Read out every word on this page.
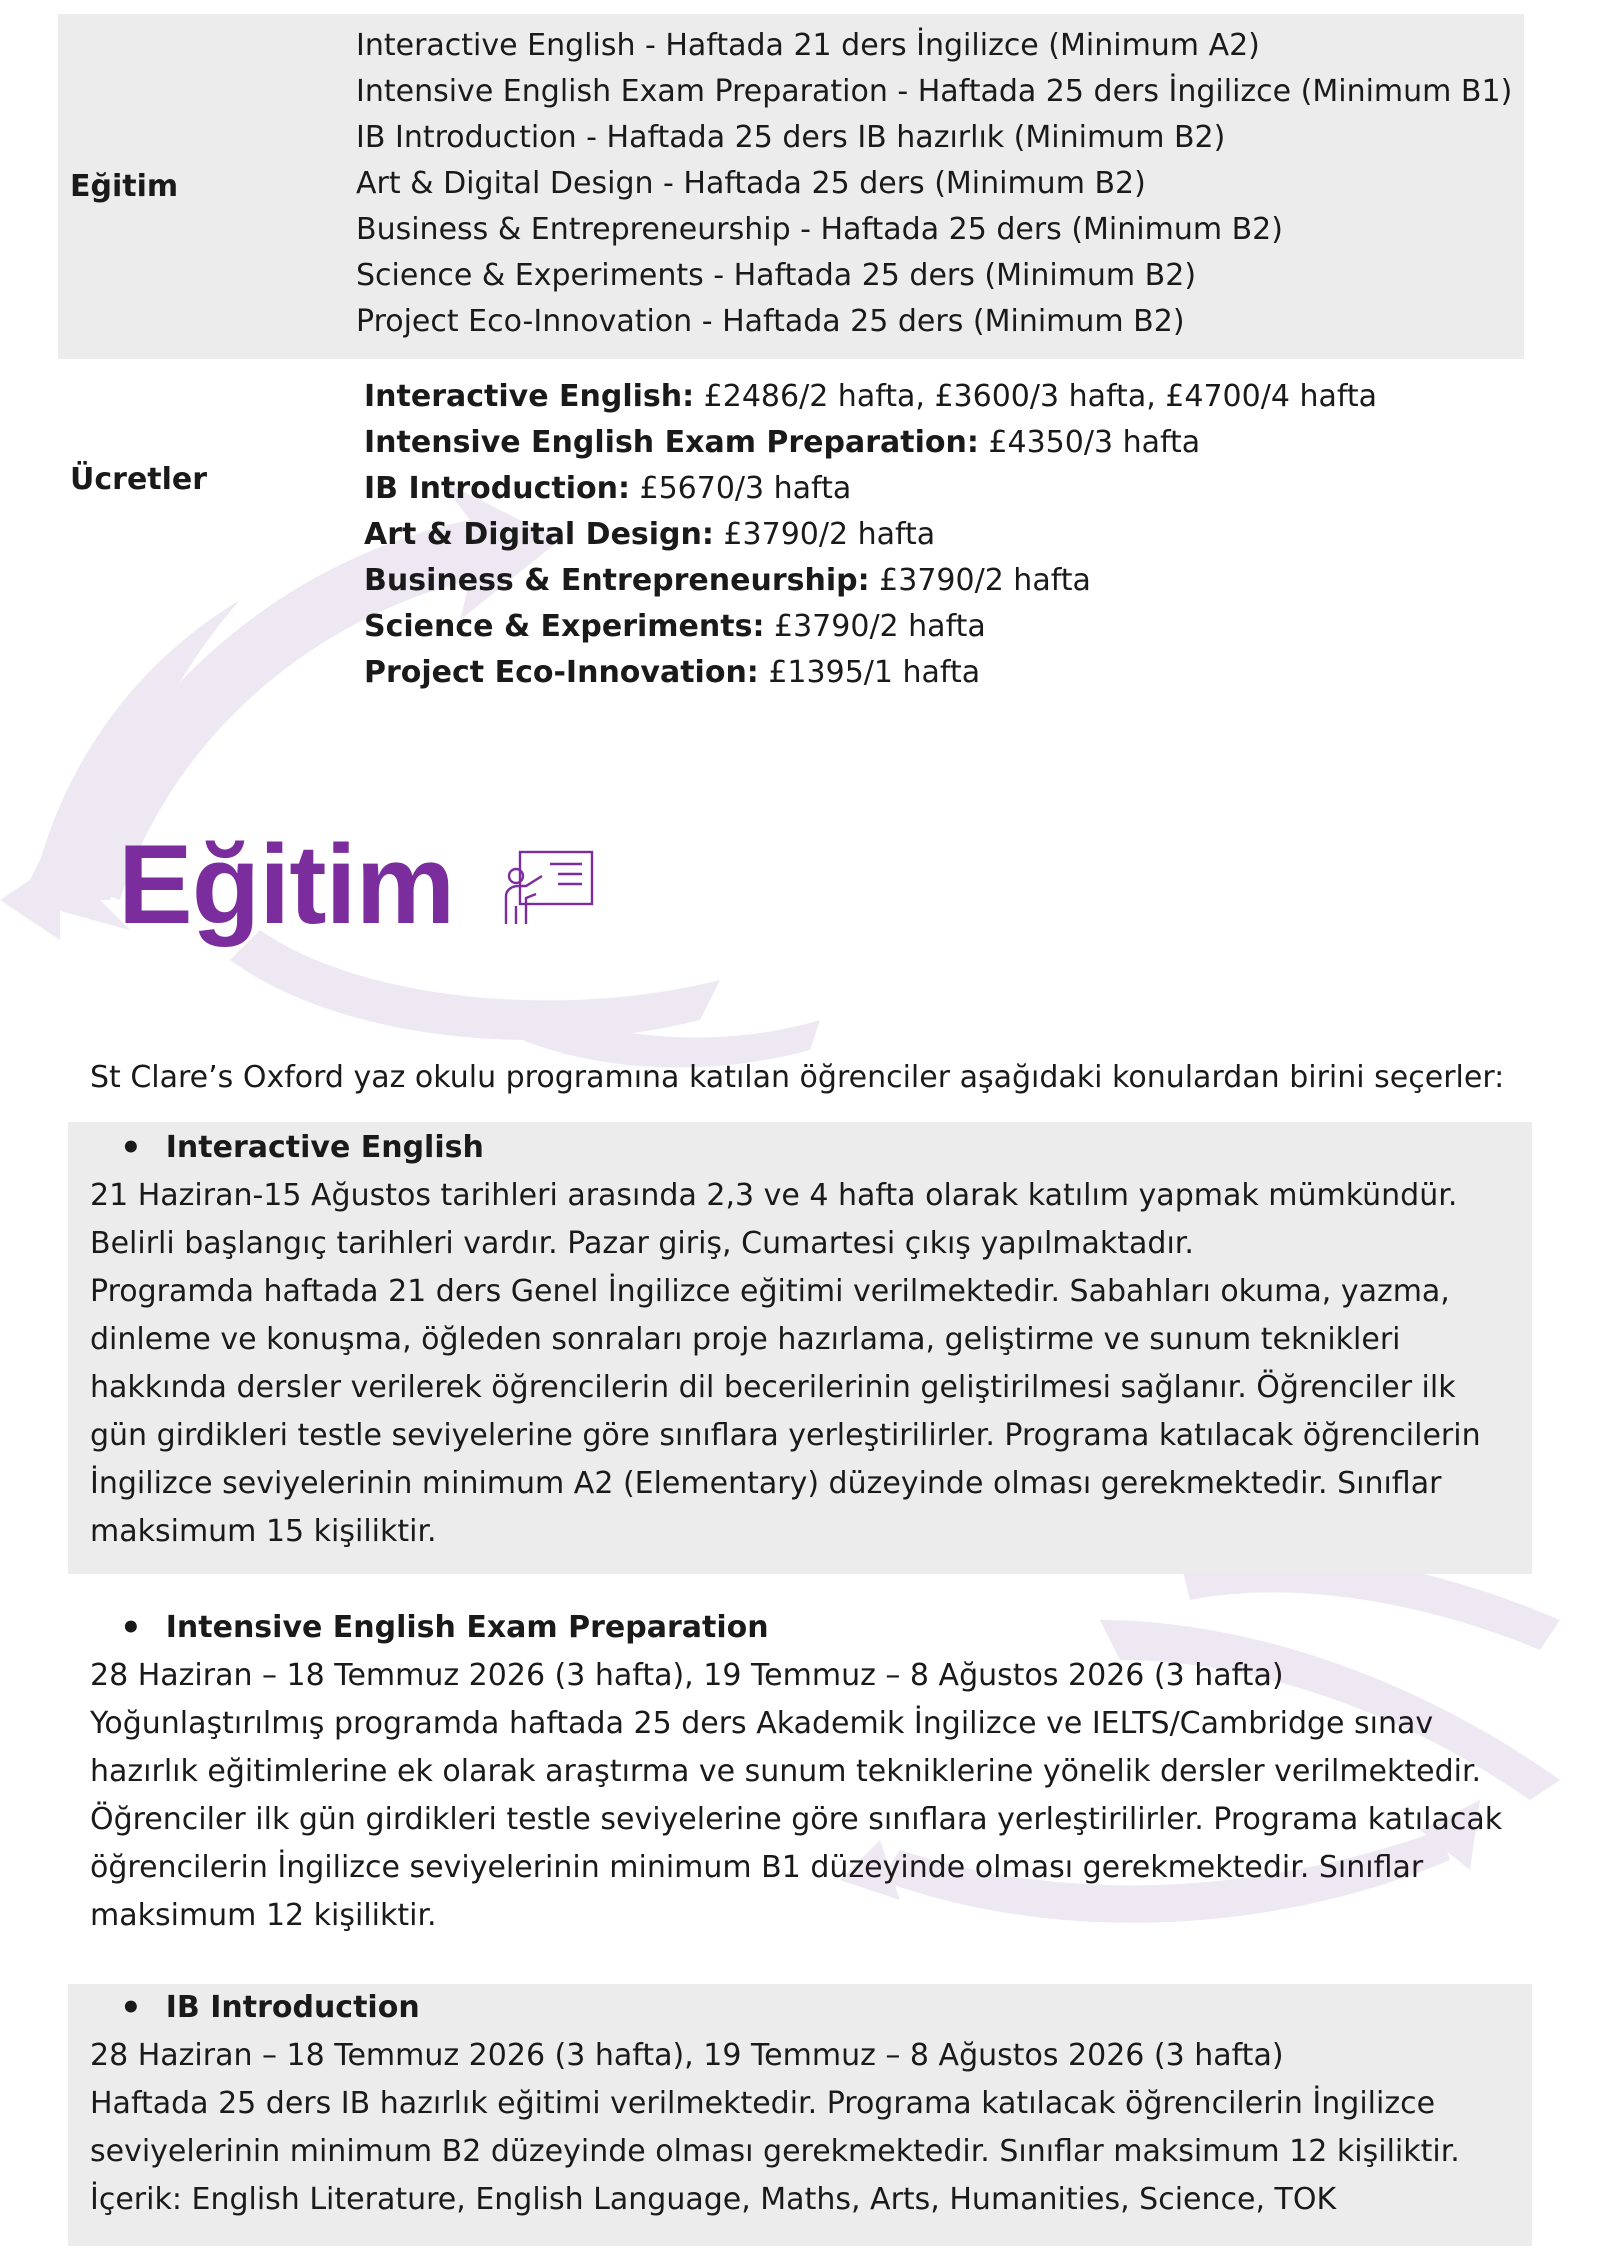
Eğitim
Interactive English - Haftada 21 ders İngilizce (Minimum A2)
Intensive English Exam Preparation - Haftada 25 ders İngilizce (Minimum B1)
IB Introduction - Haftada 25 ders IB hazırlık (Minimum B2)
Art & Digital Design - Haftada 25 ders (Minimum B2)
Business & Entrepreneurship - Haftada 25 ders (Minimum B2)
Science & Experiments - Haftada 25 ders (Minimum B2)
Project Eco-Innovation - Haftada 25 ders (Minimum B2)
Ücretler
Interactive English: £2486/2 hafta, £3600/3 hafta, £4700/4 hafta
Intensive English Exam Preparation: £4350/3 hafta
IB Introduction: £5670/3 hafta
Art & Digital Design: £3790/2 hafta
Business & Entrepreneurship: £3790/2 hafta
Science & Experiments: £3790/2 hafta
Project Eco-Innovation: £1395/1 hafta
Eğitim

St Clare’s Oxford yaz okulu programına katılan öğrenciler aşağıdaki konulardan birini seçerler:

• Interactive English

21 Haziran-15 Ağustos tarihleri arasında 2,3 ve 4 hafta olarak katılım yapmak mümkündür.

Belirli başlangıç tarihleri vardır. Pazar giriş, Cumartesi çıkış yapılmaktadır.

Programda haftada 21 ders Genel İngilizce eğitimi verilmektedir. Sabahları okuma, yazma,

dinleme ve konuşma, öğleden sonraları proje hazırlama, geliştirme ve sunum teknikleri

hakkında dersler verilerek öğrencilerin dil becerilerinin geliştirilmesi sağlanır. Öğrenciler ilk

gün girdikleri testle seviyelerine göre sınıflara yerleştirilirler. Programa katılacak öğrencilerin

İngilizce seviyelerinin minimum A2 (Elementary) düzeyinde olması gerekmektedir. Sınıflar

maksimum 15 kişiliktir.

• Intensive English Exam Preparation

28 Haziran – 18 Temmuz 2026 (3 hafta), 19 Temmuz – 8 Ağustos 2026 (3 hafta)

Yoğunlaştırılmış programda haftada 25 ders Akademik İngilizce ve IELTS/Cambridge sınav

hazırlık eğitimlerine ek olarak araştırma ve sunum tekniklerine yönelik dersler verilmektedir.

Öğrenciler ilk gün girdikleri testle seviyelerine göre sınıflara yerleştirilirler. Programa katılacak

öğrencilerin İngilizce seviyelerinin minimum B1 düzeyinde olması gerekmektedir. Sınıflar

maksimum 12 kişiliktir.

• IB Introduction

28 Haziran – 18 Temmuz 2026 (3 hafta), 19 Temmuz – 8 Ağustos 2026 (3 hafta)

Haftada 25 ders IB hazırlık eğitimi verilmektedir. Programa katılacak öğrencilerin İngilizce

seviyelerinin minimum B2 düzeyinde olması gerekmektedir. Sınıflar maksimum 12 kişiliktir.

İçerik: English Literature, English Language, Maths, Arts, Humanities, Science, TOK
